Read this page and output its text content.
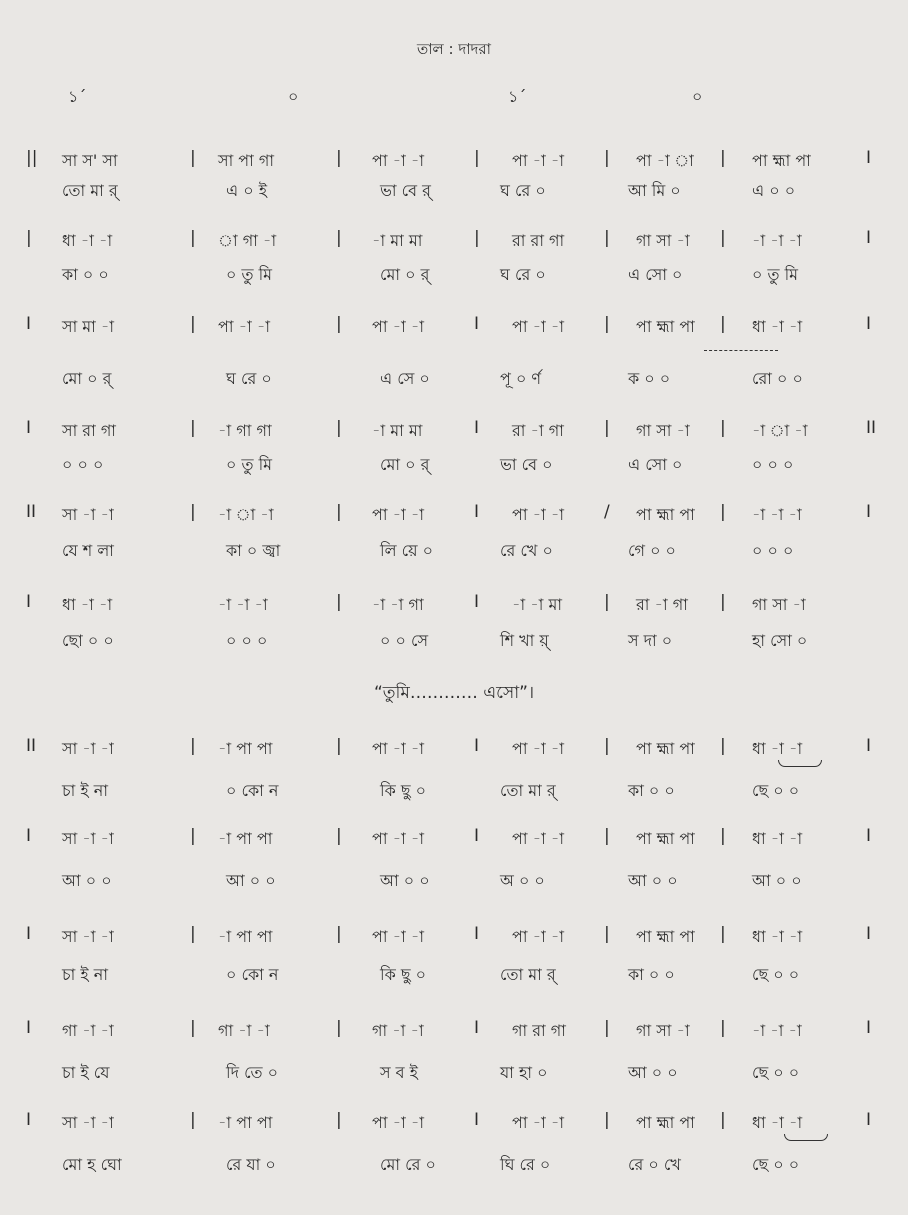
তাল : দাদরা
১´	০	১´	০
“তুমি………… এসো”।
|| সা স' সা	সা পা গা	পা -া -া	পা -া -া	পা -া া	পা হ্মা পা
|	|	|	|	|	I
তো মা র্	এ ০ ই	ভা বে র্	ঘ রে ০	আ মি ০	এ ০ ০
| ধা -া -া	া গা -া	-া মা মা	রা রা গা	গা সা -া	-া -া -া
|	|	|	|	|	I
কা ০ ০	০ তু মি	মো ০ র্	ঘ রে ০	এ সো ০	০ তু মি
I সা মা -া	পা -া -া	পা -া -া	পা -া -া	পা হ্মা পা	ধা -া -া
|	|	I	|	|	I
মো ০ র্	ঘ রে ০	এ সে ০	পূ ০ র্ণ	ক ০ ০	রো ০ ০
I সা রা গা	-া গা গা	-া মা মা	রা -া গা	গা সা -া	-া া -া
|	|	I	|	|	II
০ ০ ০	০ তু মি	মো ০ র্	ভা বে ০	এ সো ০	০ ০ ০
II সা -া -া	-া া -া	পা -া -া	পা -া -া	পা হ্মা পা	-া -া -া
|	|	I	/	|	I
যে শ লা	কা ০ জ্বা	লি য়ে ০	রে খে ০	গে ০ ০	০ ০ ০
I ধা -া -া	-া -া -া	-া -া গা	-া -া মা	রা -া গা	গা সা -া
|	I	|	|
ছো ০ ০	০ ০ ০	০ ০ সে	শি খা য়্	স দা ০	হা সো ০
II সা -া -া	-া পা পা	পা -া -া	পা -া -া	পা হ্মা পা	ধা -া -া
|	|	I	|	|	I
চা ই না	০ কো ন	কি ছু ০	তো মা র্	কা ০ ০	ছে ০ ০
I সা -া -া	-া পা পা	পা -া -া	পা -া -া	পা হ্মা পা	ধা -া -া
|	|	I	|	|	I
আ ০ ০	আ ০ ০	আ ০ ০	অ ০ ০	আ ০ ০	আ ০ ০
I সা -া -া	-া পা পা	পা -া -া	পা -া -া	পা হ্মা পা	ধা -া -া
|	|	I	|	|	I
চা ই না	০ কো ন	কি ছু ০	তো মা র্	কা ০ ০	ছে ০ ০
I গা -া -া	গা -া -া	গা -া -া	গা রা গা	গা সা -া	-া -া -া
|	|	I	|	|	I
চা ই যে	দি তে ০	স ব ই	যা হা ০	আ ০ ০	ছে ০ ০
I সা -া -া	-া পা পা	পা -া -া	পা -া -া	পা হ্মা পা	ধা -া -া
|	|	I	|	|	I
মো হ ঘো	রে যা ০	মো রে ০	ঘি রে ০	রে ০ খে	ছে ০ ০
